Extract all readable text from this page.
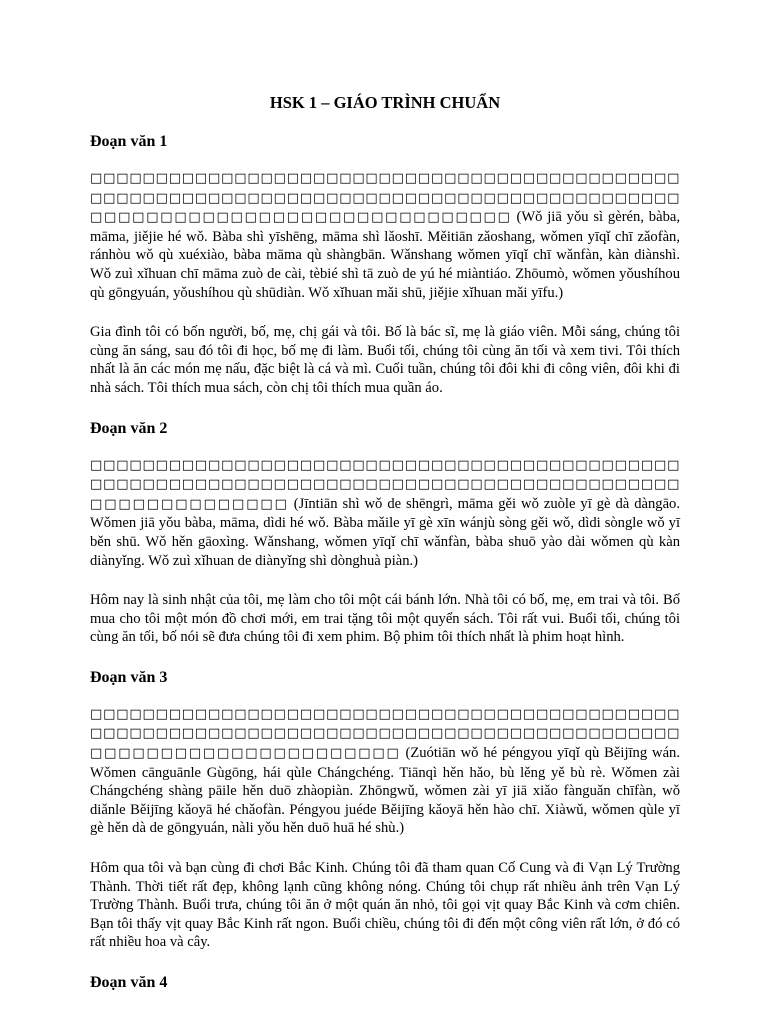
HSK 1 – GIÁO TRÌNH CHUẨN
Đoạn văn 1

□□□□□□□□□□□□□□□□□□□□□□□□□□□□□□□□□□□□□□□□□□□□□□□□□□□□□□□□□□□□□□□□□□□□□□□□□□□□□□□□□□□□□□□□□□□□□□□□□□□□□□□□□□□□□□□□□□□□□□□□ (Wǒ jiā yǒu sì gèrén, bàba, māma, jiějie hé wǒ. Bàba shì yīshēng, māma shì lǎoshī. Měitiān zǎoshang, wǒmen yīqǐ chī zǎofàn, ránhòu wǒ qù xuéxiào, bàba māma qù shàngbān. Wǎnshang wǒmen yīqǐ chī wǎnfàn, kàn diànshì. Wǒ zuì xǐhuan chī māma zuò de cài, tèbié shì tā zuò de yú hé miàntiáo. Zhōumò, wǒmen yǒushíhou qù gōngyuán, yǒushíhou qù shūdiàn. Wǒ xǐhuan mǎi shū, jiějie xǐhuan mǎi yīfu.)

Gia đình tôi có bốn người, bố, mẹ, chị gái và tôi. Bố là bác sĩ, mẹ là giáo viên. Mỗi sáng, chúng tôi cùng ăn sáng, sau đó tôi đi học, bố mẹ đi làm. Buổi tối, chúng tôi cùng ăn tối và xem tivi. Tôi thích nhất là ăn các món mẹ nấu, đặc biệt là cá và mì. Cuối tuần, chúng tôi đôi khi đi công viên, đôi khi đi nhà sách. Tôi thích mua sách, còn chị tôi thích mua quần áo.

Đoạn văn 2

□□□□□□□□□□□□□□□□□□□□□□□□□□□□□□□□□□□□□□□□□□□□□□□□□□□□□□□□□□□□□□□□□□□□□□□□□□□□□□□□□□□□□□□□□□□□□□□□□□□□□□□□ (Jīntiān shì wǒ de shēngrì, māma gěi wǒ zuòle yī gè dà dàngāo. Wǒmen jiā yǒu bàba, māma, dìdi hé wǒ. Bàba mǎile yī gè xīn wánjù sòng gěi wǒ, dìdi sòngle wǒ yī běn shū. Wǒ hěn gāoxìng. Wǎnshang, wǒmen yīqǐ chī wǎnfàn, bàba shuō yào dài wǒmen qù kàn diànyǐng. Wǒ zuì xǐhuan de diànyǐng shì dònghuà piàn.)

Hôm nay là sinh nhật của tôi, mẹ làm cho tôi một cái bánh lớn. Nhà tôi có bố, mẹ, em trai và tôi. Bố mua cho tôi một món đồ chơi mới, em trai tặng tôi một quyển sách. Tôi rất vui. Buổi tối, chúng tôi cùng ăn tối, bố nói sẽ đưa chúng tôi đi xem phim. Bộ phim tôi thích nhất là phim hoạt hình.

Đoạn văn 3

□□□□□□□□□□□□□□□□□□□□□□□□□□□□□□□□□□□□□□□□□□□□□□□□□□□□□□□□□□□□□□□□□□□□□□□□□□□□□□□□□□□□□□□□□□□□□□□□□□□□□□□□□□□□□□□□ (Zuótiān wǒ hé péngyou yīqǐ qù Běijīng wán. Wǒmen cānguānle Gùgōng, hái qùle Chángchéng. Tiānqì hěn hǎo, bù lěng yě bù rè. Wǒmen zài Chángchéng shàng pāile hěn duō zhàopiàn. Zhōngwǔ, wǒmen zài yī jiā xiǎo fànguǎn chīfàn, wǒ diǎnle Běijīng kǎoyā hé chǎofàn. Péngyou juéde Běijīng kǎoyā hěn hào chī. Xiàwǔ, wǒmen qùle yī gè hěn dà de gōngyuán, nàli yǒu hěn duō huā hé shù.)

Hôm qua tôi và bạn cùng đi chơi Bắc Kinh. Chúng tôi đã tham quan Cố Cung và đi Vạn Lý Trường Thành. Thời tiết rất đẹp, không lạnh cũng không nóng. Chúng tôi chụp rất nhiều ảnh trên Vạn Lý Trường Thành. Buổi trưa, chúng tôi ăn ở một quán ăn nhỏ, tôi gọi vịt quay Bắc Kinh và cơm chiên. Bạn tôi thấy vịt quay Bắc Kinh rất ngon. Buổi chiều, chúng tôi đi đến một công viên rất lớn, ở đó có rất nhiều hoa và cây.

Đoạn văn 4
